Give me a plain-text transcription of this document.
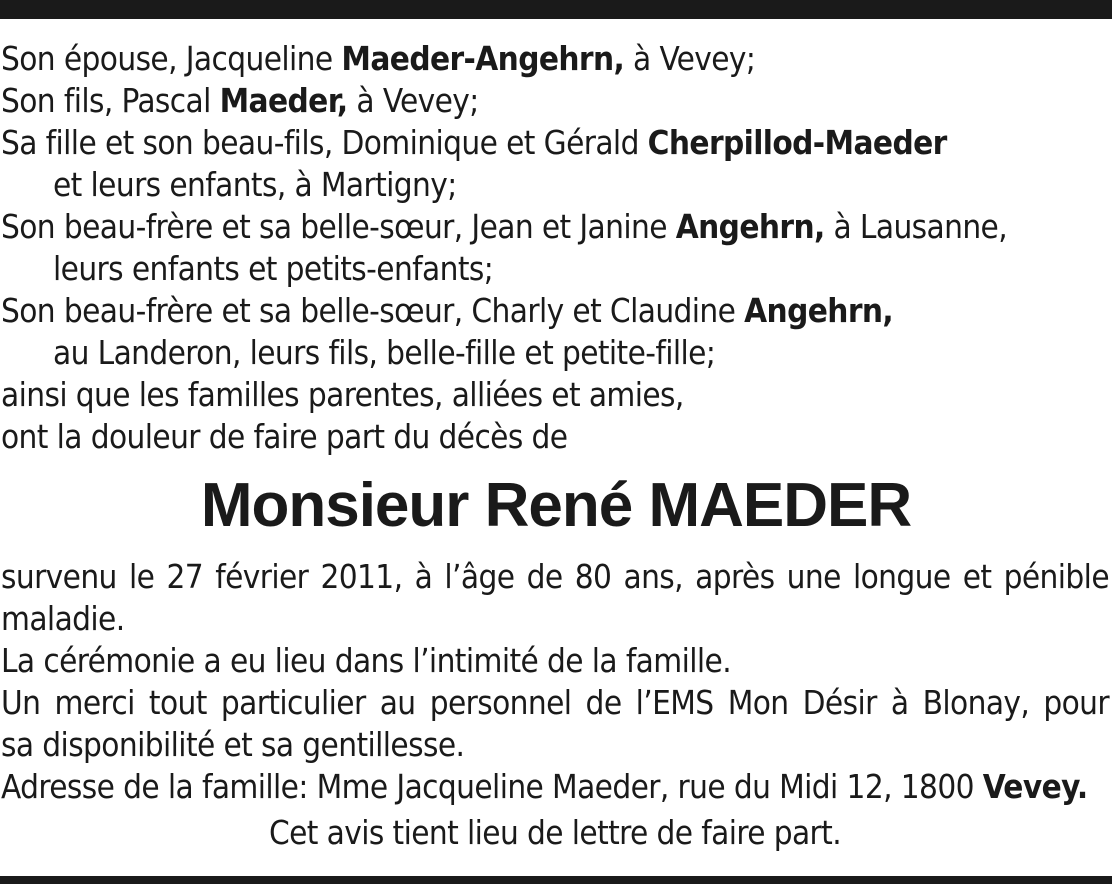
Son épouse, Jacqueline Maeder-Angehrn, à Vevey;
Son fils, Pascal Maeder, à Vevey;
Sa fille et son beau-fils, Dominique et Gérald Cherpillod-Maeder
et leurs enfants, à Martigny;
Son beau-frère et sa belle-sœur, Jean et Janine Angehrn, à Lausanne,
leurs enfants et petits-enfants;
Son beau-frère et sa belle-sœur, Charly et Claudine Angehrn,
au Landeron, leurs fils, belle-fille et petite-fille;
ainsi que les familles parentes, alliées et amies,
ont la douleur de faire part du décès de
Monsieur René MAEDER
survenu le 27 février 2011, à l’âge de 80 ans, après une longue et pénible
maladie.
La cérémonie a eu lieu dans l’intimité de la famille.
Un merci tout particulier au personnel de l’EMS Mon Désir à Blonay, pour
sa disponibilité et sa gentillesse.
Adresse de la famille: Mme Jacqueline Maeder, rue du Midi 12, 1800 Vevey.
Cet avis tient lieu de lettre de faire part.
